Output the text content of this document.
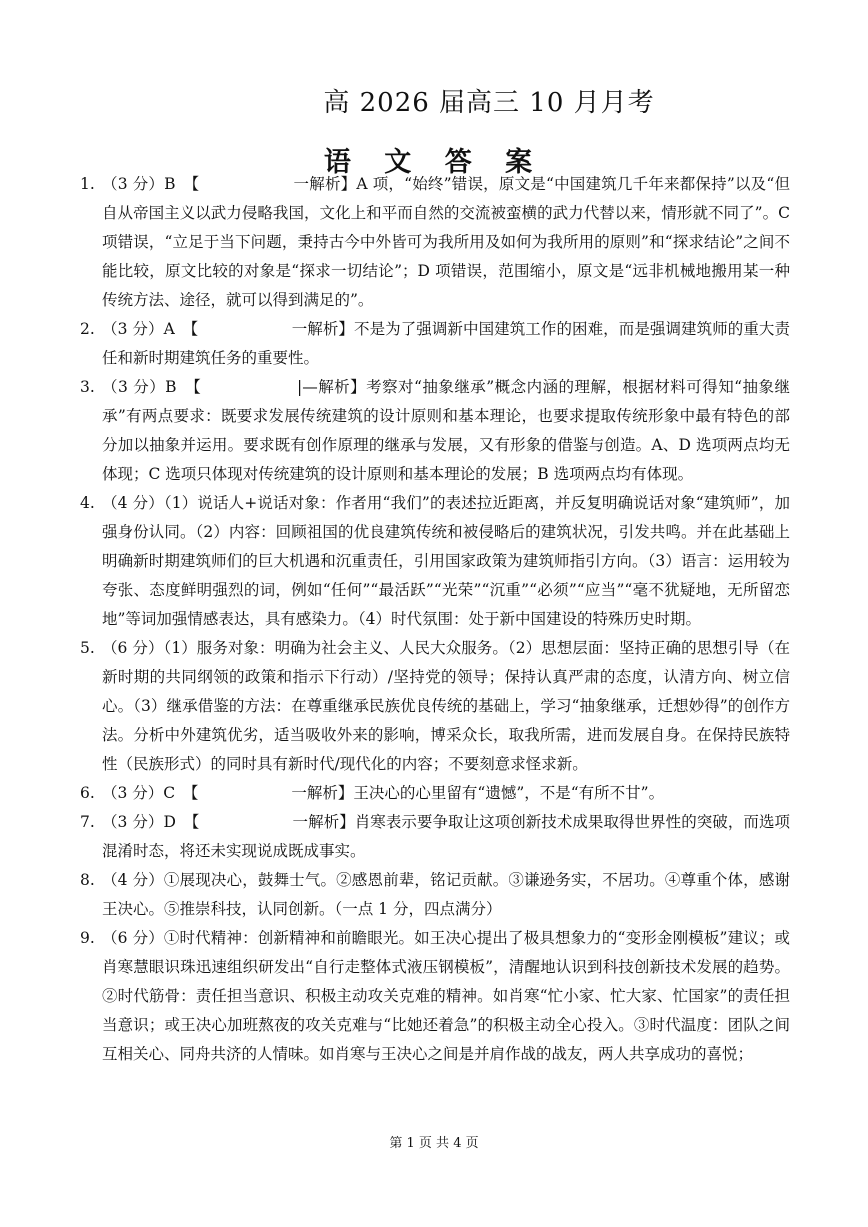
高 2026 届高三 10 月月考
语 文 答 案
1. （3 分）B　【　　　　　　一解析】A 项，“始终”错误，原文是“中国建筑几千年来都保持”以及“但自从帝国主义以武力侵略我国，文化上和平而自然的交流被蛮横的武力代替以来，情形就不同了”。C 项错误，“立足于当下问题，秉持古今中外皆可为我所用及如何为我所用的原则”和“探求结论”之间不能比较，原文比较的对象是“探求一切结论”；D 项错误，范围缩小，原文是“远非机械地搬用某一种传统方法、途径，就可以得到满足的”。
2. （3 分）A　【　　　　　　一解析】不是为了强调新中国建筑工作的困难，而是强调建筑师的重大责任和新时期建筑任务的重要性。
3. （3 分）B　【　　　　　　|—解析】考察对“抽象继承”概念内涵的理解，根据材料可得知“抽象继承”有两点要求：既要求发展传统建筑的设计原则和基本理论，也要求提取传统形象中最有特色的部分加以抽象并运用。要求既有创作原理的继承与发展，又有形象的借鉴与创造。A、D 选项两点均无体现；C 选项只体现对传统建筑的设计原则和基本理论的发展；B 选项两点均有体现。
4. （4 分）（1）说话人+说话对象：作者用“我们”的表述拉近距离，并反复明确说话对象“建筑师”，加强身份认同。（2）内容：回顾祖国的优良建筑传统和被侵略后的建筑状况，引发共鸣。并在此基础上明确新时期建筑师们的巨大机遇和沉重责任，引用国家政策为建筑师指引方向。（3）语言：运用较为夸张、态度鲜明强烈的词，例如“任何”“最活跃”“光荣”“沉重”“必须”“应当”“毫不犹疑地，无所留恋地”等词加强情感表达，具有感染力。（4）时代氛围：处于新中国建设的特殊历史时期。
5. （6 分）（1）服务对象：明确为社会主义、人民大众服务。（2）思想层面：坚持正确的思想引导（在新时期的共同纲领的政策和指示下行动）/坚持党的领导；保持认真严肃的态度，认清方向、树立信心。（3）继承借鉴的方法：在尊重继承民族优良传统的基础上，学习“抽象继承，迁想妙得”的创作方法。分析中外建筑优劣，适当吸收外来的影响，博采众长，取我所需，进而发展自身。在保持民族特性（民族形式）的同时具有新时代/现代化的内容；不要刻意求怪求新。
6. （3 分）C　【　　　　　　一解析】王决心的心里留有“遗憾”，不是“有所不甘”。
7. （3 分）D　【　　　　　　一解析】肖寒表示要争取让这项创新技术成果取得世界性的突破，而选项混淆时态，将还未实现说成既成事实。
8. （4 分）①展现决心，鼓舞士气。②感恩前辈，铭记贡献。③谦逊务实，不居功。④尊重个体，感谢王决心。⑤推崇科技，认同创新。（一点 1 分，四点满分）
9. （6 分）①时代精神：创新精神和前瞻眼光。如王决心提出了极具想象力的“变形金刚模板”建议；或肖寒慧眼识珠迅速组织研发出“自行走整体式液压钢模板”，清醒地认识到科技创新技术发展的趋势。②时代筋骨：责任担当意识、积极主动攻关克难的精神。如肖寒“忙小家、忙大家、忙国家”的责任担当意识；或王决心加班熬夜的攻关克难与“比她还着急”的积极主动全心投入。③时代温度：团队之间互相关心、同舟共济的人情味。如肖寒与王决心之间是并肩作战的战友，两人共享成功的喜悦；
第 1 页 共 4 页
